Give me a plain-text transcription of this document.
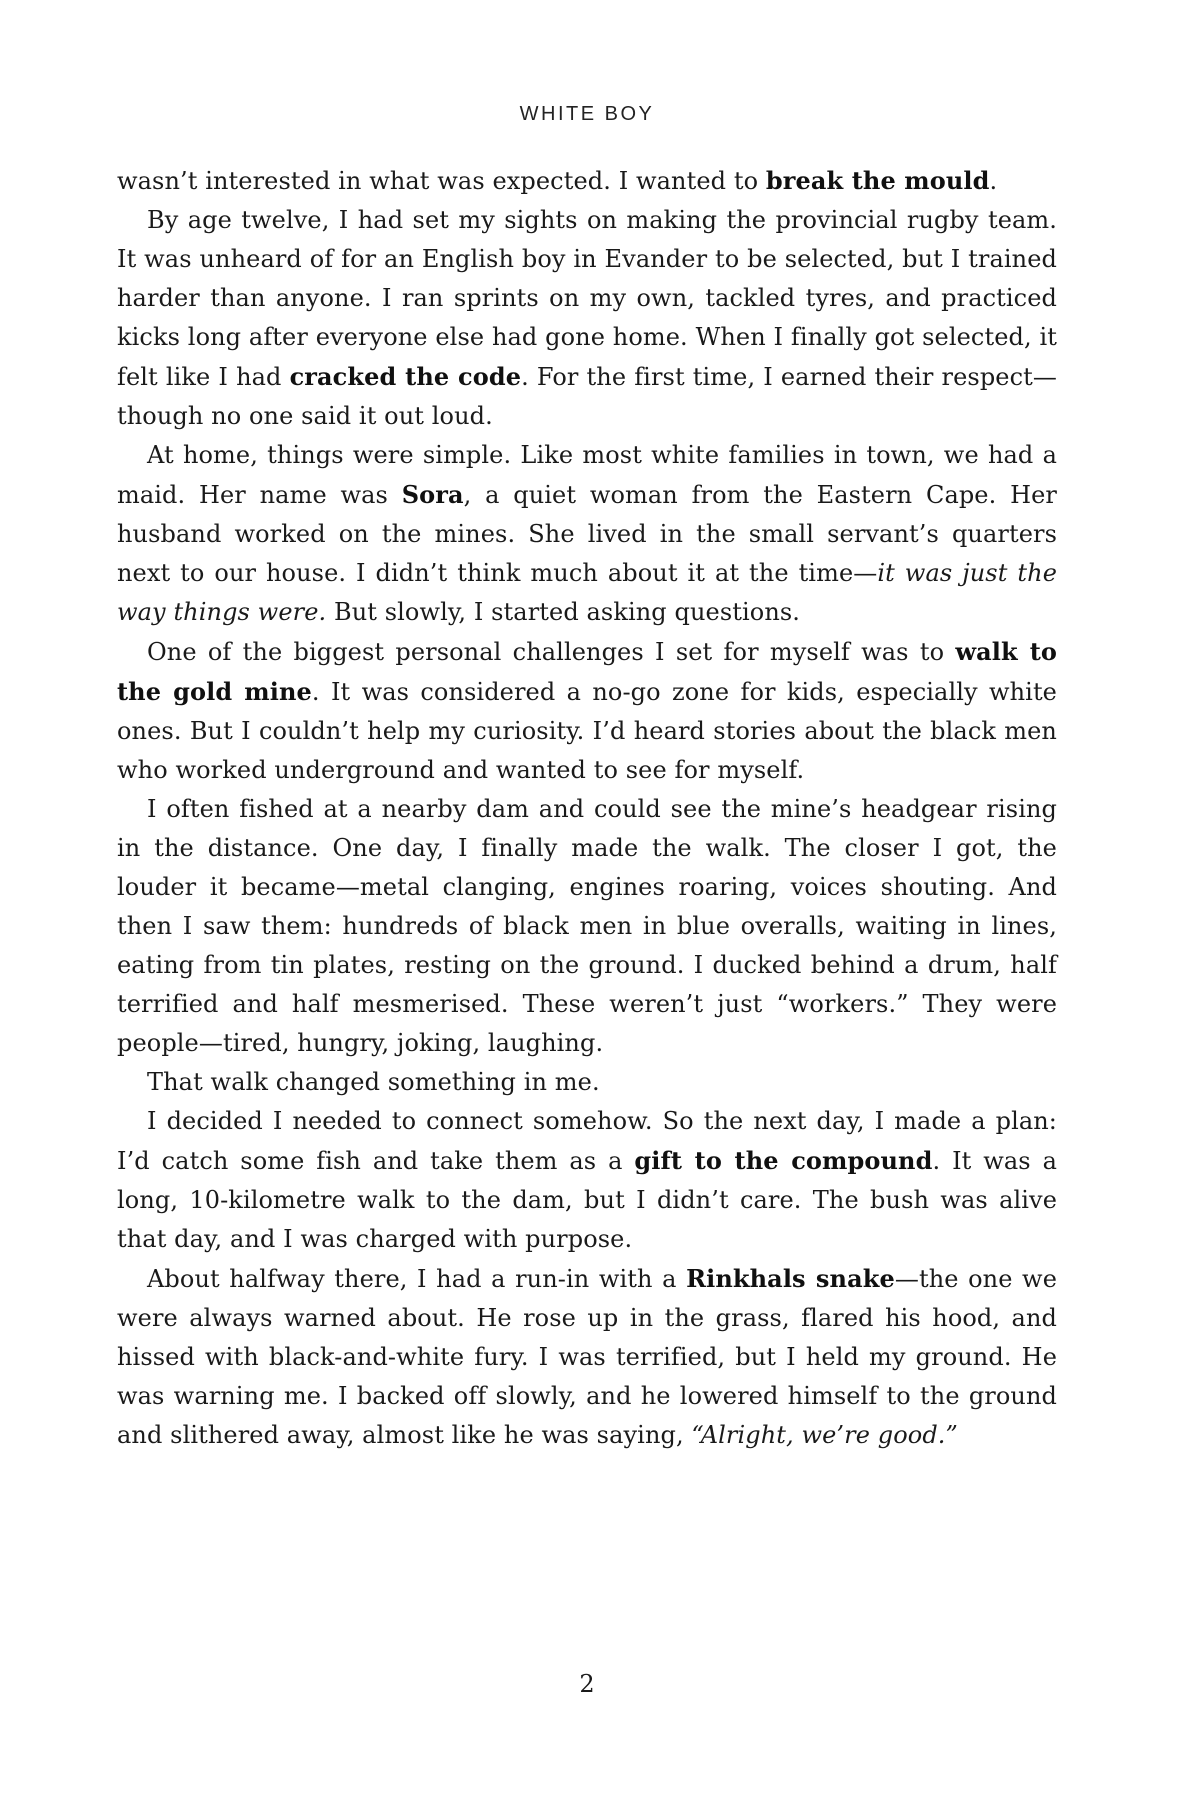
WHITE BOY

wasn’t interested in what was expected. I wanted to break the mould.

By age twelve, I had set my sights on making the provincial rugby team. It was unheard of for an English boy in Evander to be selected, but I trained harder than anyone. I ran sprints on my own, tackled tyres, and practiced kicks long after everyone else had gone home. When I finally got selected, it felt like I had cracked the code. For the first time, I earned their respect—though no one said it out loud.

At home, things were simple. Like most white families in town, we had a maid. Her name was Sora, a quiet woman from the Eastern Cape. Her husband worked on the mines. She lived in the small servant’s quarters next to our house. I didn’t think much about it at the time—it was just the way things were. But slowly, I started asking questions.

One of the biggest personal challenges I set for myself was to walk to the gold mine. It was considered a no-go zone for kids, especially white ones. But I couldn’t help my curiosity. I’d heard stories about the black men who worked underground and wanted to see for myself.

I often fished at a nearby dam and could see the mine’s headgear rising in the distance. One day, I finally made the walk. The closer I got, the louder it became—metal clanging, engines roaring, voices shouting. And then I saw them: hundreds of black men in blue overalls, waiting in lines, eating from tin plates, resting on the ground. I ducked behind a drum, half terrified and half mesmerised. These weren’t just “workers.” They were people—tired, hungry, joking, laughing.

That walk changed something in me.

I decided I needed to connect somehow. So the next day, I made a plan: I’d catch some fish and take them as a gift to the compound. It was a long, 10-kilometre walk to the dam, but I didn’t care. The bush was alive that day, and I was charged with purpose.

About halfway there, I had a run-in with a Rinkhals snake—the one we were always warned about. He rose up in the grass, flared his hood, and hissed with black-and-white fury. I was terrified, but I held my ground. He was warning me. I backed off slowly, and he lowered himself to the ground and slithered away, almost like he was saying, “Alright, we’re good.”

2
